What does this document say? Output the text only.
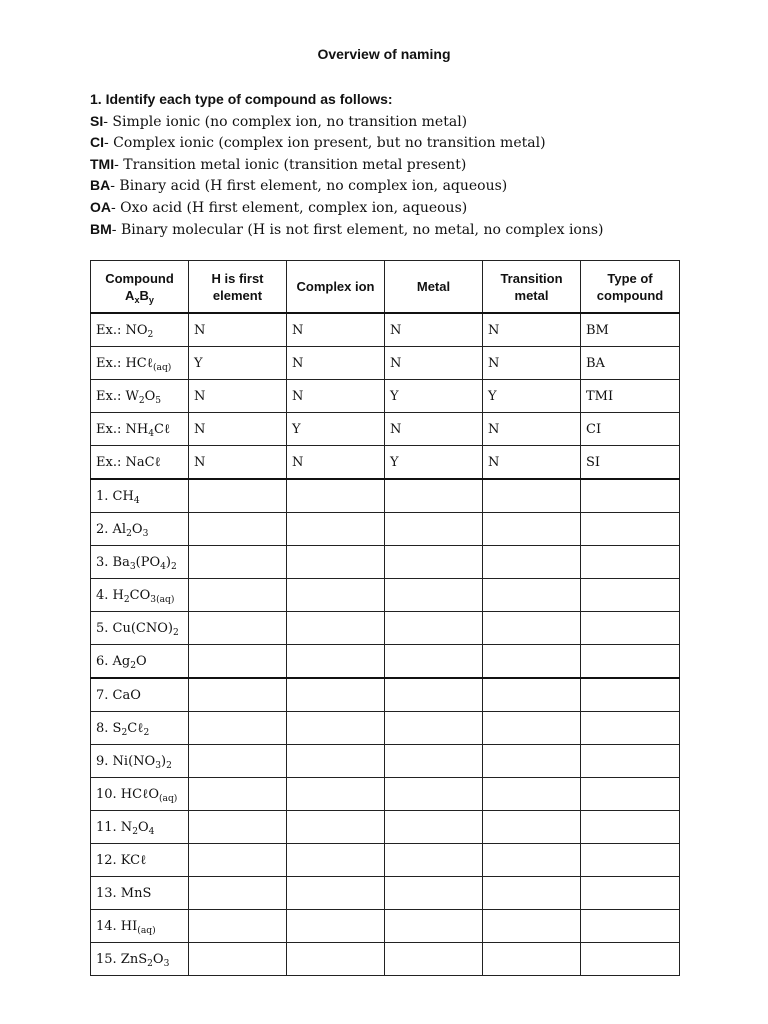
Overview of naming
1. Identify each type of compound as follows:
SI- Simple ionic (no complex ion, no transition metal)
CI- Complex ionic (complex ion present, but no transition metal)
TMI- Transition metal ionic (transition metal present)
BA- Binary acid (H first element, no complex ion, aqueous)
OA- Oxo acid (H first element, complex ion, aqueous)
BM- Binary molecular (H is not first element, no metal, no complex ions)
Compound
$A_xB_y$	H is first element	Complex ion	Metal	Transition metal	Type of compound
Ex.: $NO_2$	N	N	N	N	BM
Ex.: HCℓ$_{(aq)}$	Y	N	N	N	BA
Ex.: $W_2O_5$	N	N	Y	Y	TMI
Ex.: $NH_4C\ell$	N	Y	N	N	CI
Ex.: NaCℓ	N	N	Y	N	SI
1. $CH_4$					
2. $Al_2O_3$					
3. $Ba_3(PO_4)_2$					
4. $H_2CO_{3(aq)}$					
5. $Cu(CNO)_2$					
6. $Ag_2O$					
7. CaO					
8. $S_2C\ell_2$					
9. $Ni(NO_3)_2$					
10. HCℓO$_{(aq)}$					
11. $N_2O_4$					
12. KCℓ					
13. MnS					
14. $HI_{(aq)}$					
15. $ZnS_2O_3$					
